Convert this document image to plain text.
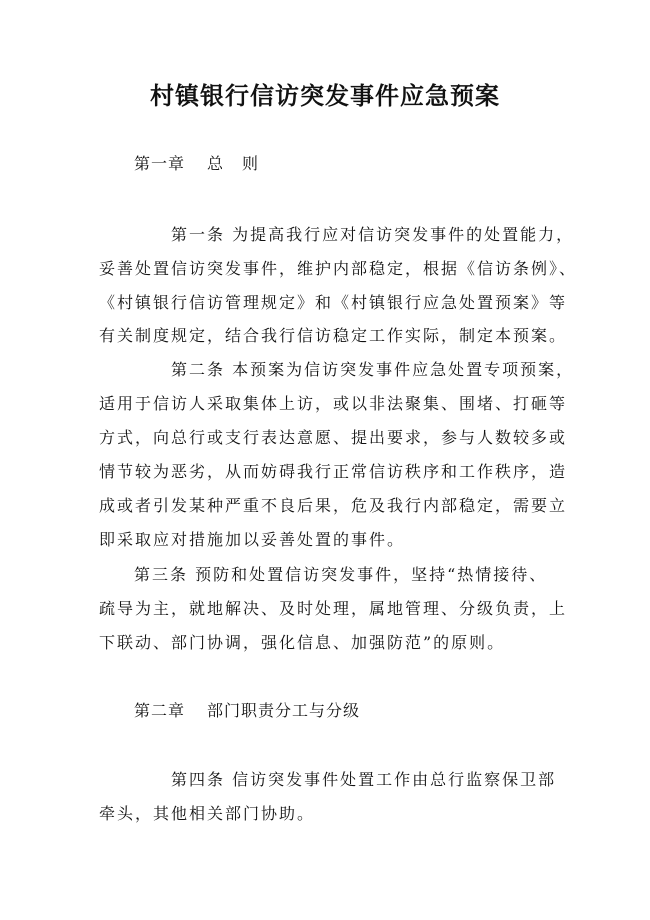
村镇银行信访突发事件应急预案
第一章 总 则
第一条 为提高我行应对信访突发事件的处置能力，
妥善处置信访突发事件，维护内部稳定，根据《信访条例》、
《村镇银行信访管理规定》和《村镇银行应急处置预案》等
有关制度规定，结合我行信访稳定工作实际，制定本预案。
第二条 本预案为信访突发事件应急处置专项预案，
适用于信访人采取集体上访，或以非法聚集、围堵、打砸等
方式，向总行或支行表达意愿、提出要求，参与人数较多或
情节较为恶劣，从而妨碍我行正常信访秩序和工作秩序，造
成或者引发某种严重不良后果，危及我行内部稳定，需要立
即采取应对措施加以妥善处置的事件。
第三条 预防和处置信访突发事件，坚持“热情接待、
疏导为主，就地解决、及时处理，属地管理、分级负责，上
下联动、部门协调，强化信息、加强防范”的原则。
第二章 部门职责分工与分级
第四条 信访突发事件处置工作由总行监察保卫部
牵头，其他相关部门协助。
